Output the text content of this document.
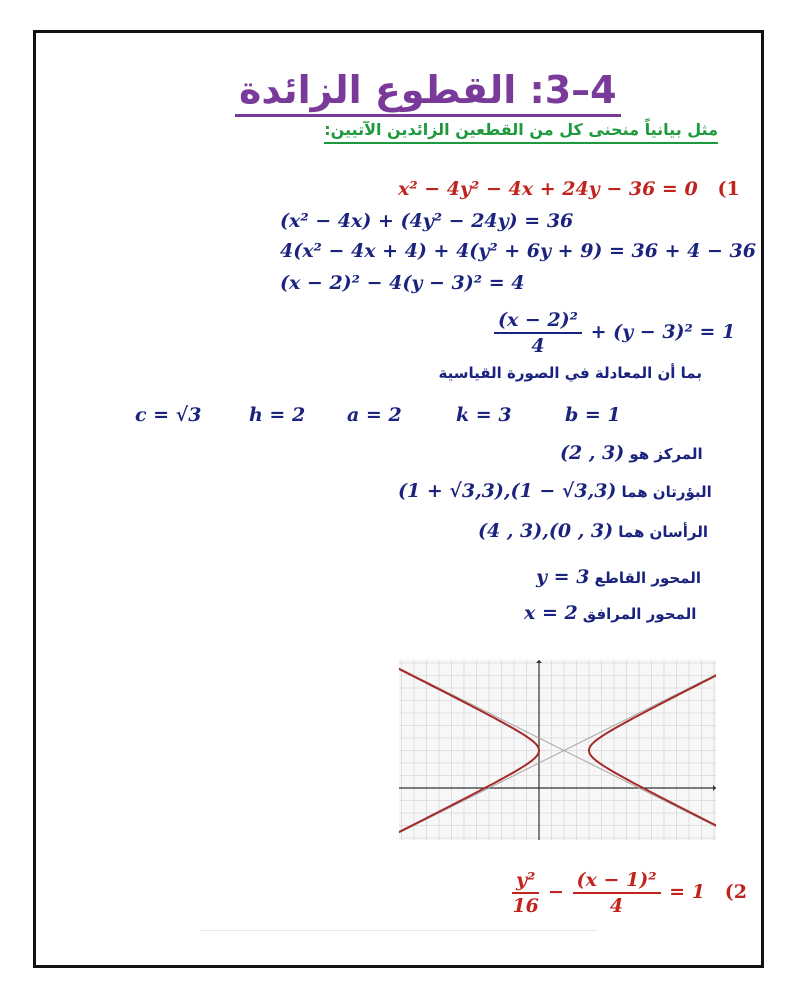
4–3: القطوع الزائدة
مثل بيانياً منحنى كل من القطعين الزائدين الآتيين:
x² − 4y² − 4x + 24y − 36 = 0 (1
(x² − 4x) + (4y² − 24y) = 36
4(x² − 4x + 4) + 4(y² + 6y + 9) = 36 + 4 − 36
(x − 2)² − 4(y − 3)² = 4
$\frac{\text{(x − 2)²}}{4} + (y - 3)^2 = 1$
بما أن المعادلة في الصورة القياسية
c = √3	h = 2 a = 2	k = 3	b = 1
(2 , 3) المركز هو
(1 + √3,3),(1 − √3,3) البؤرتان هما
(4 , 3),(0 , 3) الرأسان هما
y = 3 المحور القاطع
x = 2 المحور المرافق
$\frac{\text{y²}}{16} - \frac{\text{(x − 1)²}}{4} = 1$ (2
